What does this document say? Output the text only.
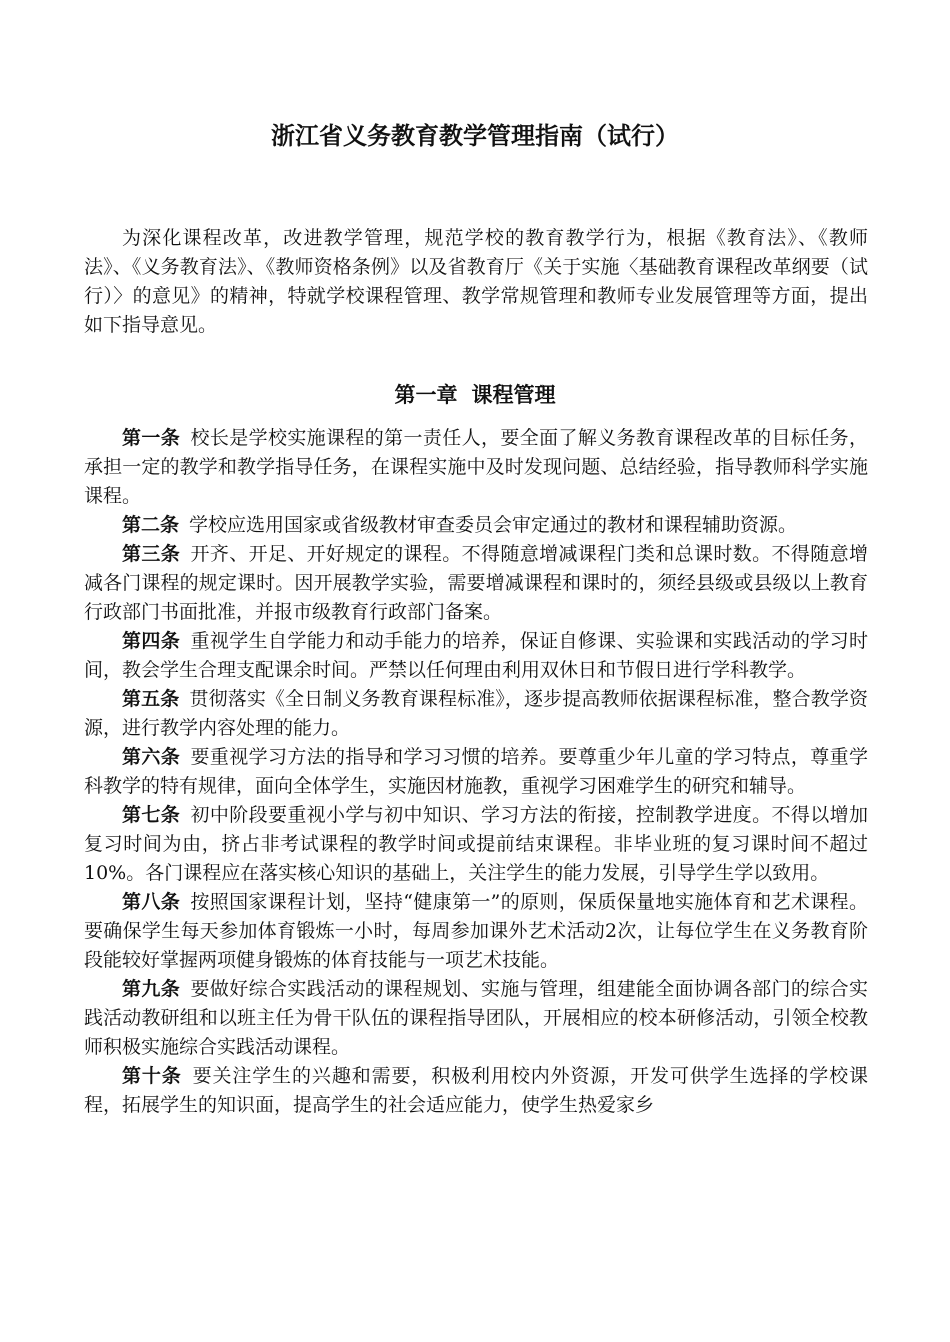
浙江省义务教育教学管理指南（试行）

为深化课程改革，改进教学管理，规范学校的教育教学行为，根据《教育法》、《教师法》、《义务教育法》、《教师资格条例》以及省教育厅《关于实施〈基础教育课程改革纲要（试行）〉的意见》的精神，特就学校课程管理、教学常规管理和教师专业发展管理等方面，提出如下指导意见。

第一章 课程管理

第一条 校长是学校实施课程的第一责任人，要全面了解义务教育课程改革的目标任务，承担一定的教学和教学指导任务，在课程实施中及时发现问题、总结经验，指导教师科学实施课程。

第二条 学校应选用国家或省级教材审查委员会审定通过的教材和课程辅助资源。

第三条 开齐、开足、开好规定的课程。不得随意增减课程门类和总课时数。不得随意增减各门课程的规定课时。因开展教学实验，需要增减课程和课时的，须经县级或县级以上教育行政部门书面批准，并报市级教育行政部门备案。

第四条 重视学生自学能力和动手能力的培养，保证自修课、实验课和实践活动的学习时间，教会学生合理支配课余时间。严禁以任何理由利用双休日和节假日进行学科教学。

第五条 贯彻落实《全日制义务教育课程标准》，逐步提高教师依据课程标准，整合教学资源，进行教学内容处理的能力。

第六条 要重视学习方法的指导和学习习惯的培养。要尊重少年儿童的学习特点，尊重学科教学的特有规律，面向全体学生，实施因材施教，重视学习困难学生的研究和辅导。

第七条 初中阶段要重视小学与初中知识、学习方法的衔接，控制教学进度。不得以增加复习时间为由，挤占非考试课程的教学时间或提前结束课程。非毕业班的复习课时间不超过10%。各门课程应在落实核心知识的基础上，关注学生的能力发展，引导学生学以致用。

第八条 按照国家课程计划，坚持“健康第一”的原则，保质保量地实施体育和艺术课程。要确保学生每天参加体育锻炼一小时，每周参加课外艺术活动2次，让每位学生在义务教育阶段能较好掌握两项健身锻炼的体育技能与一项艺术技能。

第九条 要做好综合实践活动的课程规划、实施与管理，组建能全面协调各部门的综合实践活动教研组和以班主任为骨干队伍的课程指导团队，开展相应的校本研修活动，引领全校教师积极实施综合实践活动课程。

第十条 要关注学生的兴趣和需要，积极利用校内外资源，开发可供学生选择的学校课程，拓展学生的知识面，提高学生的社会适应能力，使学生热爱家乡
